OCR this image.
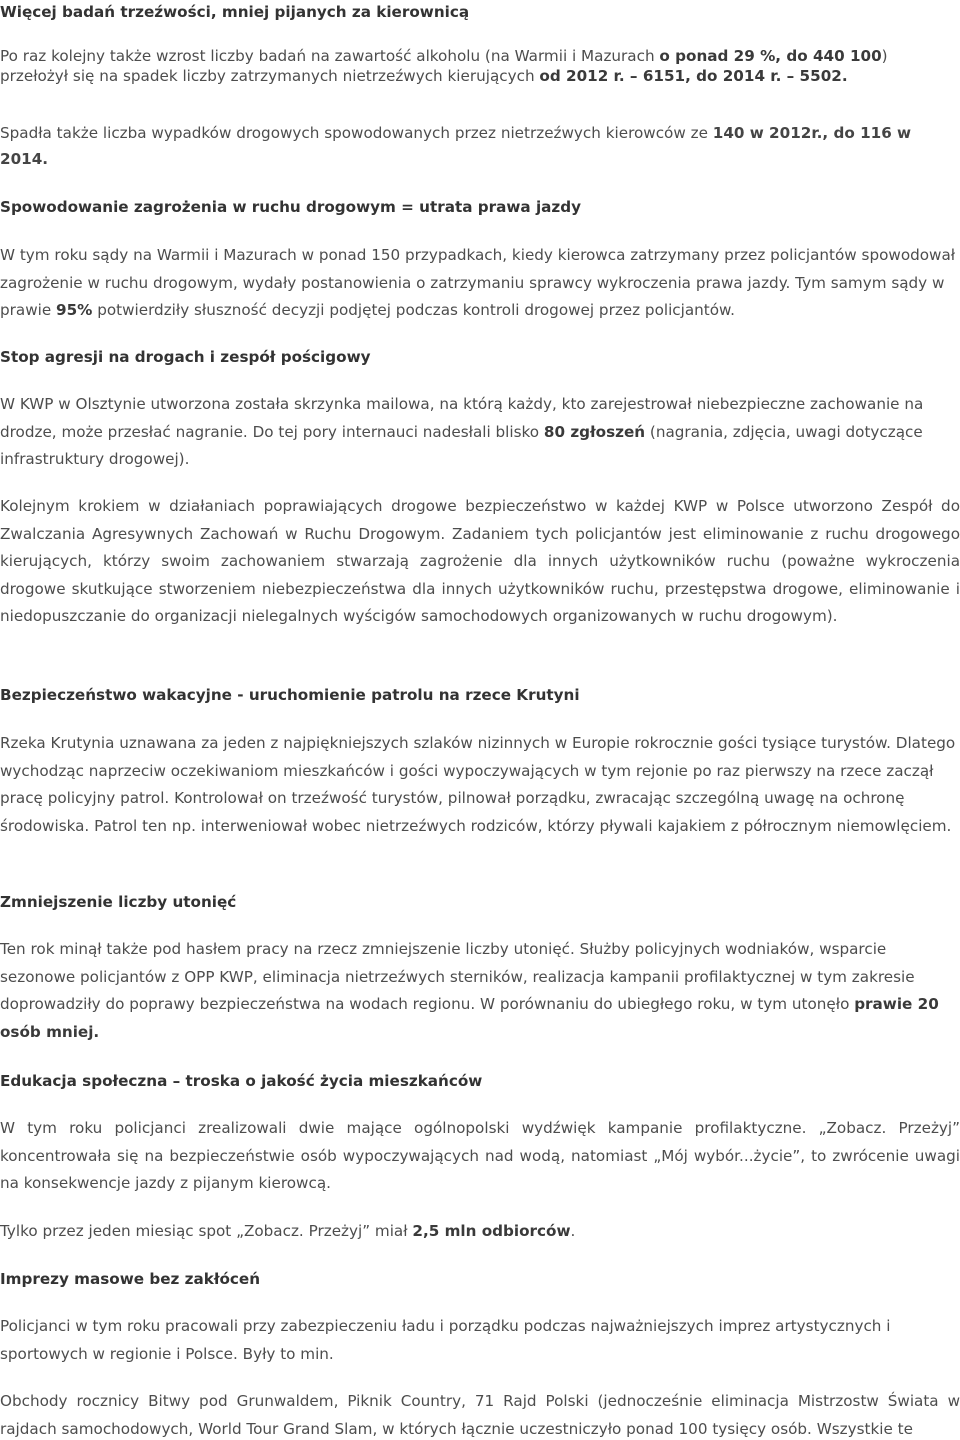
Więcej badań trzeźwości, mniej pijanych za kierownicą

Po raz kolejny także wzrost liczby badań na zawartość alkoholu (na Warmii i Mazurach o ponad 29 %, do 440 100) przełożył się na spadek liczby zatrzymanych nietrzeźwych kierujących od 2012 r. – 6151, do 2014 r. – 5502.

Spadła także liczba wypadków drogowych spowodowanych przez nietrzeźwych kierowców ze 140 w 2012r., do 116 w 2014.

Spowodowanie zagrożenia w ruchu drogowym = utrata prawa jazdy

W tym roku sądy na Warmii i Mazurach w ponad 150 przypadkach, kiedy kierowca zatrzymany przez policjantów spowodował zagrożenie w ruchu drogowym, wydały postanowienia o zatrzymaniu sprawcy wykroczenia prawa jazdy. Tym samym sądy w prawie 95% potwierdziły słuszność decyzji podjętej podczas kontroli drogowej przez policjantów.

Stop agresji na drogach i zespół pościgowy

W KWP w Olsztynie utworzona została skrzynka mailowa, na którą każdy, kto zarejestrował niebezpieczne zachowanie na drodze, może przesłać nagranie. Do tej pory internauci nadesłali blisko 80 zgłoszeń (nagrania, zdjęcia, uwagi dotyczące infrastruktury drogowej).

Kolejnym krokiem w działaniach poprawiających drogowe bezpieczeństwo w każdej KWP w Polsce utworzono Zespół do Zwalczania Agresywnych Zachowań w Ruchu Drogowym. Zadaniem tych policjantów jest eliminowanie z ruchu drogowego kierujących, którzy swoim zachowaniem stwarzają zagrożenie dla innych użytkowników ruchu (poważne wykroczenia drogowe skutkujące stworzeniem niebezpieczeństwa dla innych użytkowników ruchu, przestępstwa drogowe, eliminowanie i niedopuszczanie do organizacji nielegalnych wyścigów samochodowych organizowanych w ruchu drogowym).

Bezpieczeństwo wakacyjne - uruchomienie patrolu na rzece Krutyni

Rzeka Krutynia uznawana za jeden z najpiękniejszych szlaków nizinnych w Europie rokrocznie gości tysiące turystów. Dlatego wychodząc naprzeciw oczekiwaniom mieszkańców i gości wypoczywających w tym rejonie po raz pierwszy na rzece zaczął pracę policyjny patrol. Kontrolował on trzeźwość turystów, pilnował porządku, zwracając szczególną uwagę na ochronę środowiska. Patrol ten np. interweniował wobec nietrzeźwych rodziców, którzy pływali kajakiem z półrocznym niemowlęciem.

Zmniejszenie liczby utonięć

Ten rok minął także pod hasłem pracy na rzecz zmniejszenie liczby utonięć. Służby policyjnych wodniaków, wsparcie sezonowe policjantów z OPP KWP, eliminacja nietrzeźwych sterników, realizacja kampanii profilaktycznej w tym zakresie doprowadziły do poprawy bezpieczeństwa na wodach regionu. W porównaniu do ubiegłego roku, w tym utonęło prawie 20 osób mniej.

Edukacja społeczna – troska o jakość życia mieszkańców

W tym roku policjanci zrealizowali dwie mające ogólnopolski wydźwięk kampanie profilaktyczne. „Zobacz. Przeżyj” koncentrowała się na bezpieczeństwie osób wypoczywających nad wodą, natomiast „Mój wybór...życie”, to zwrócenie uwagi na konsekwencje jazdy z pijanym kierowcą.

Tylko przez jeden miesiąc spot „Zobacz. Przeżyj” miał 2,5 mln odbiorców.

Imprezy masowe bez zakłóceń

Policjanci w tym roku pracowali przy zabezpieczeniu ładu i porządku podczas najważniejszych imprez artystycznych i sportowych w regionie i Polsce. Były to min.

Obchody rocznicy Bitwy pod Grunwaldem, Piknik Country, 71 Rajd Polski (jednocześnie eliminacja Mistrzostw Świata w rajdach samochodowych, World Tour Grand Slam, w których łącznie uczestniczyło ponad 100 tysięcy osób. Wszystkie te
